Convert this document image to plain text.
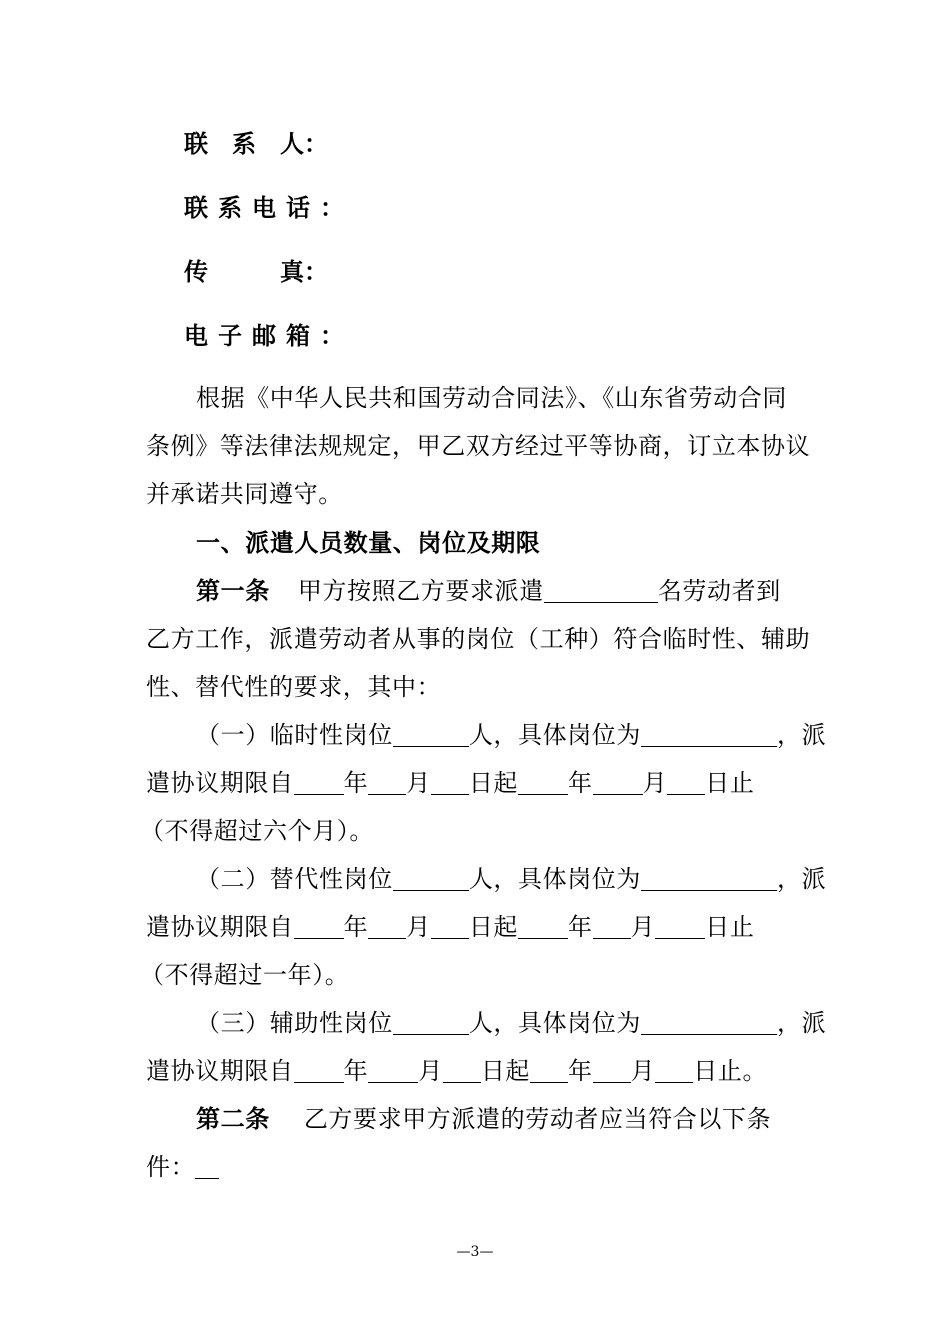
联　系　人：
联系电话：
传　　　真：
电子邮箱：
根据《中华人民共和国劳动合同法》、《山东省劳动合同
条例》等法律法规规定，甲乙双方经过平等协商，订立本协议
并承诺共同遵守。
一、派遣人员数量、岗位及期限
第一条 甲方按照乙方要求派遣	名劳动者到
乙方工作，派遣劳动者从事的岗位（工种）符合临时性、辅助
性、替代性的要求，其中：
（一）临时性岗位	人，具体岗位为	，派
遣协议期限自 年 月 日起 年 月 日止
（不得超过六个月）。
（二）替代性岗位	人，具体岗位为	，派
遣协议期限自 年 月 日起 年 月 日止
（不得超过一年）。
（三）辅助性岗位	人，具体岗位为	，派
遣协议期限自 年 月 日起 年 月 日止。
第二条 乙方要求甲方派遣的劳动者应当符合以下条
件：
—3—
